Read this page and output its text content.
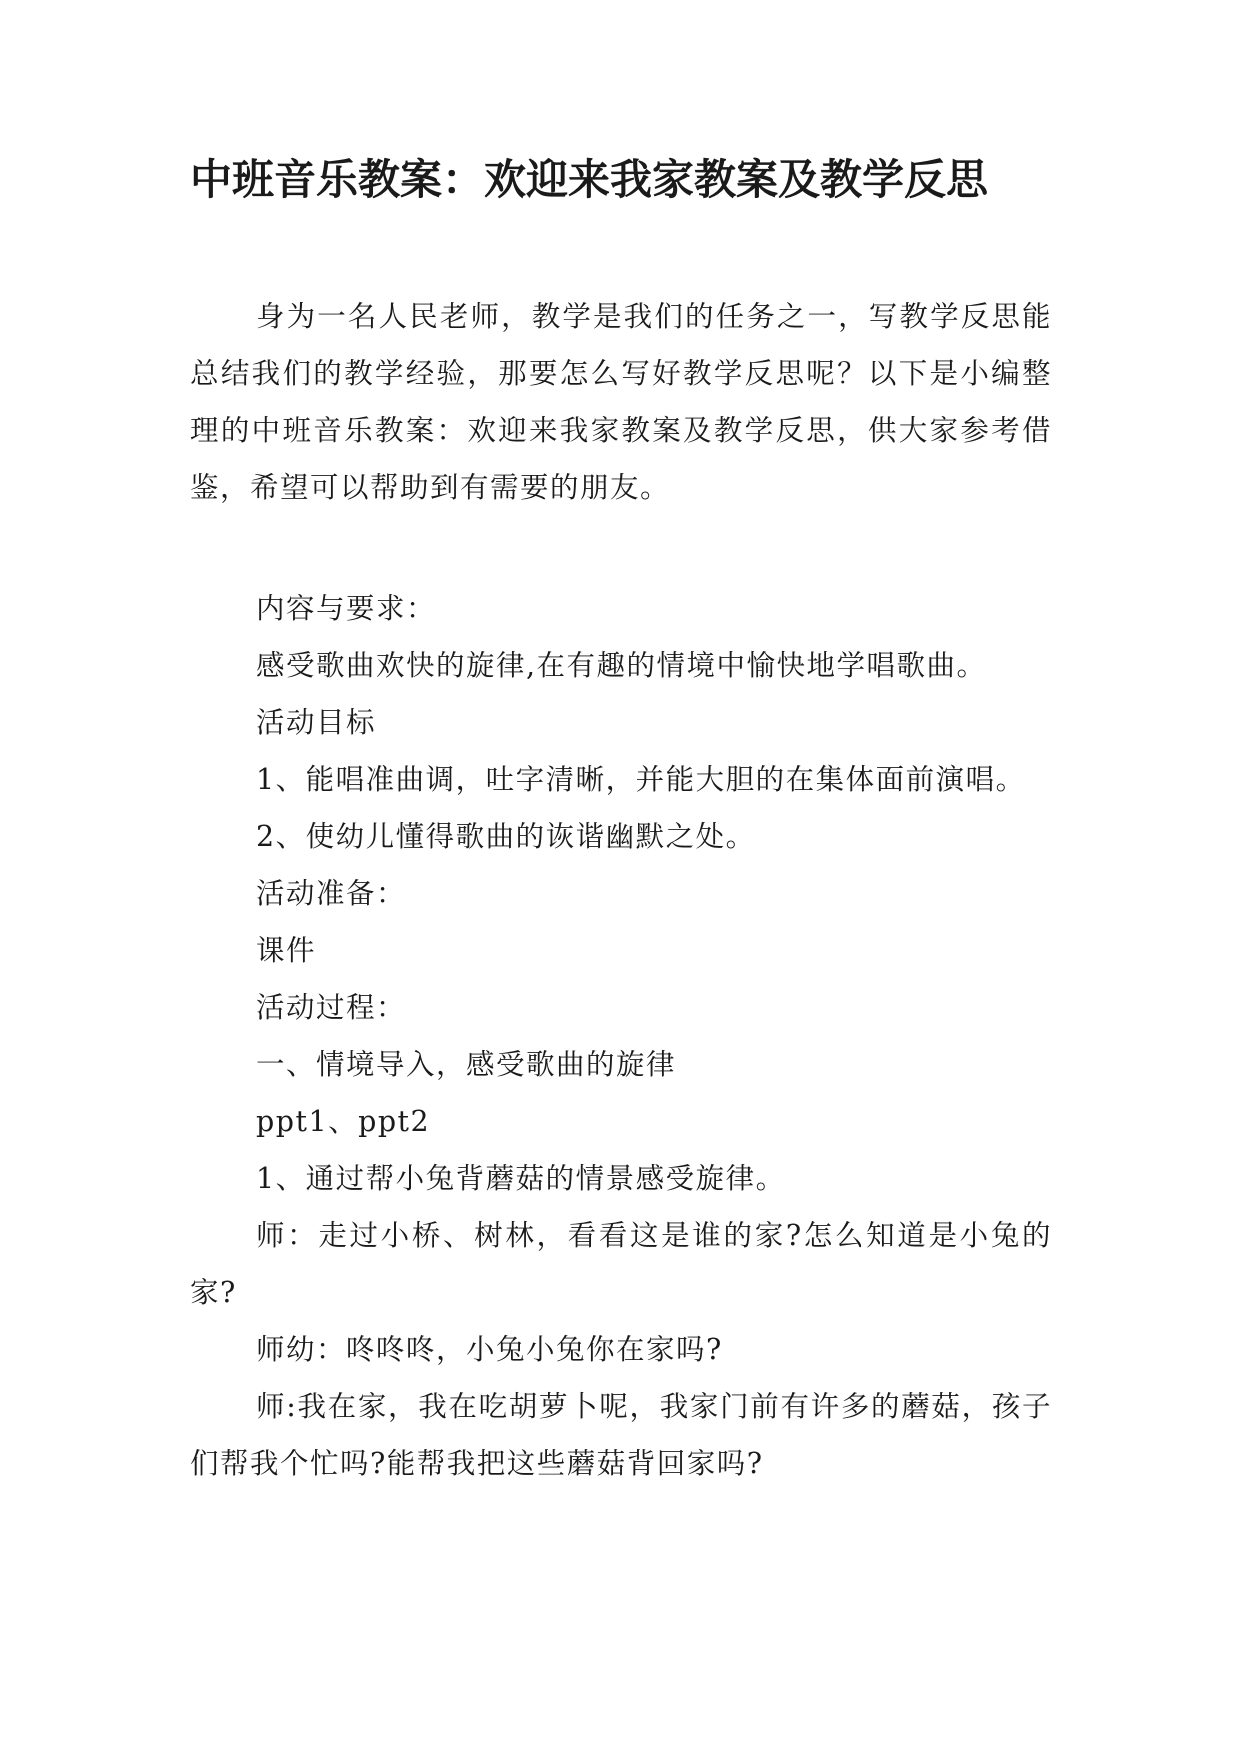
中班音乐教案：欢迎来我家教案及教学反思

身为一名人民老师，教学是我们的任务之一，写教学反思能总结我们的教学经验，那要怎么写好教学反思呢？以下是小编整理的中班音乐教案：欢迎来我家教案及教学反思，供大家参考借鉴，希望可以帮助到有需要的朋友。

内容与要求：

感受歌曲欢快的旋律,在有趣的情境中愉快地学唱歌曲。

活动目标

1、能唱准曲调，吐字清晰，并能大胆的在集体面前演唱。

2、使幼儿懂得歌曲的诙谐幽默之处。

活动准备：

课件

活动过程：

一、情境导入，感受歌曲的旋律

ppt1、ppt2

1、通过帮小兔背蘑菇的情景感受旋律。

师：走过小桥、树林，看看这是谁的家?怎么知道是小兔的家?

师幼：咚咚咚，小兔小兔你在家吗?

师:我在家，我在吃胡萝卜呢，我家门前有许多的蘑菇，孩子们帮我个忙吗?能帮我把这些蘑菇背回家吗?
